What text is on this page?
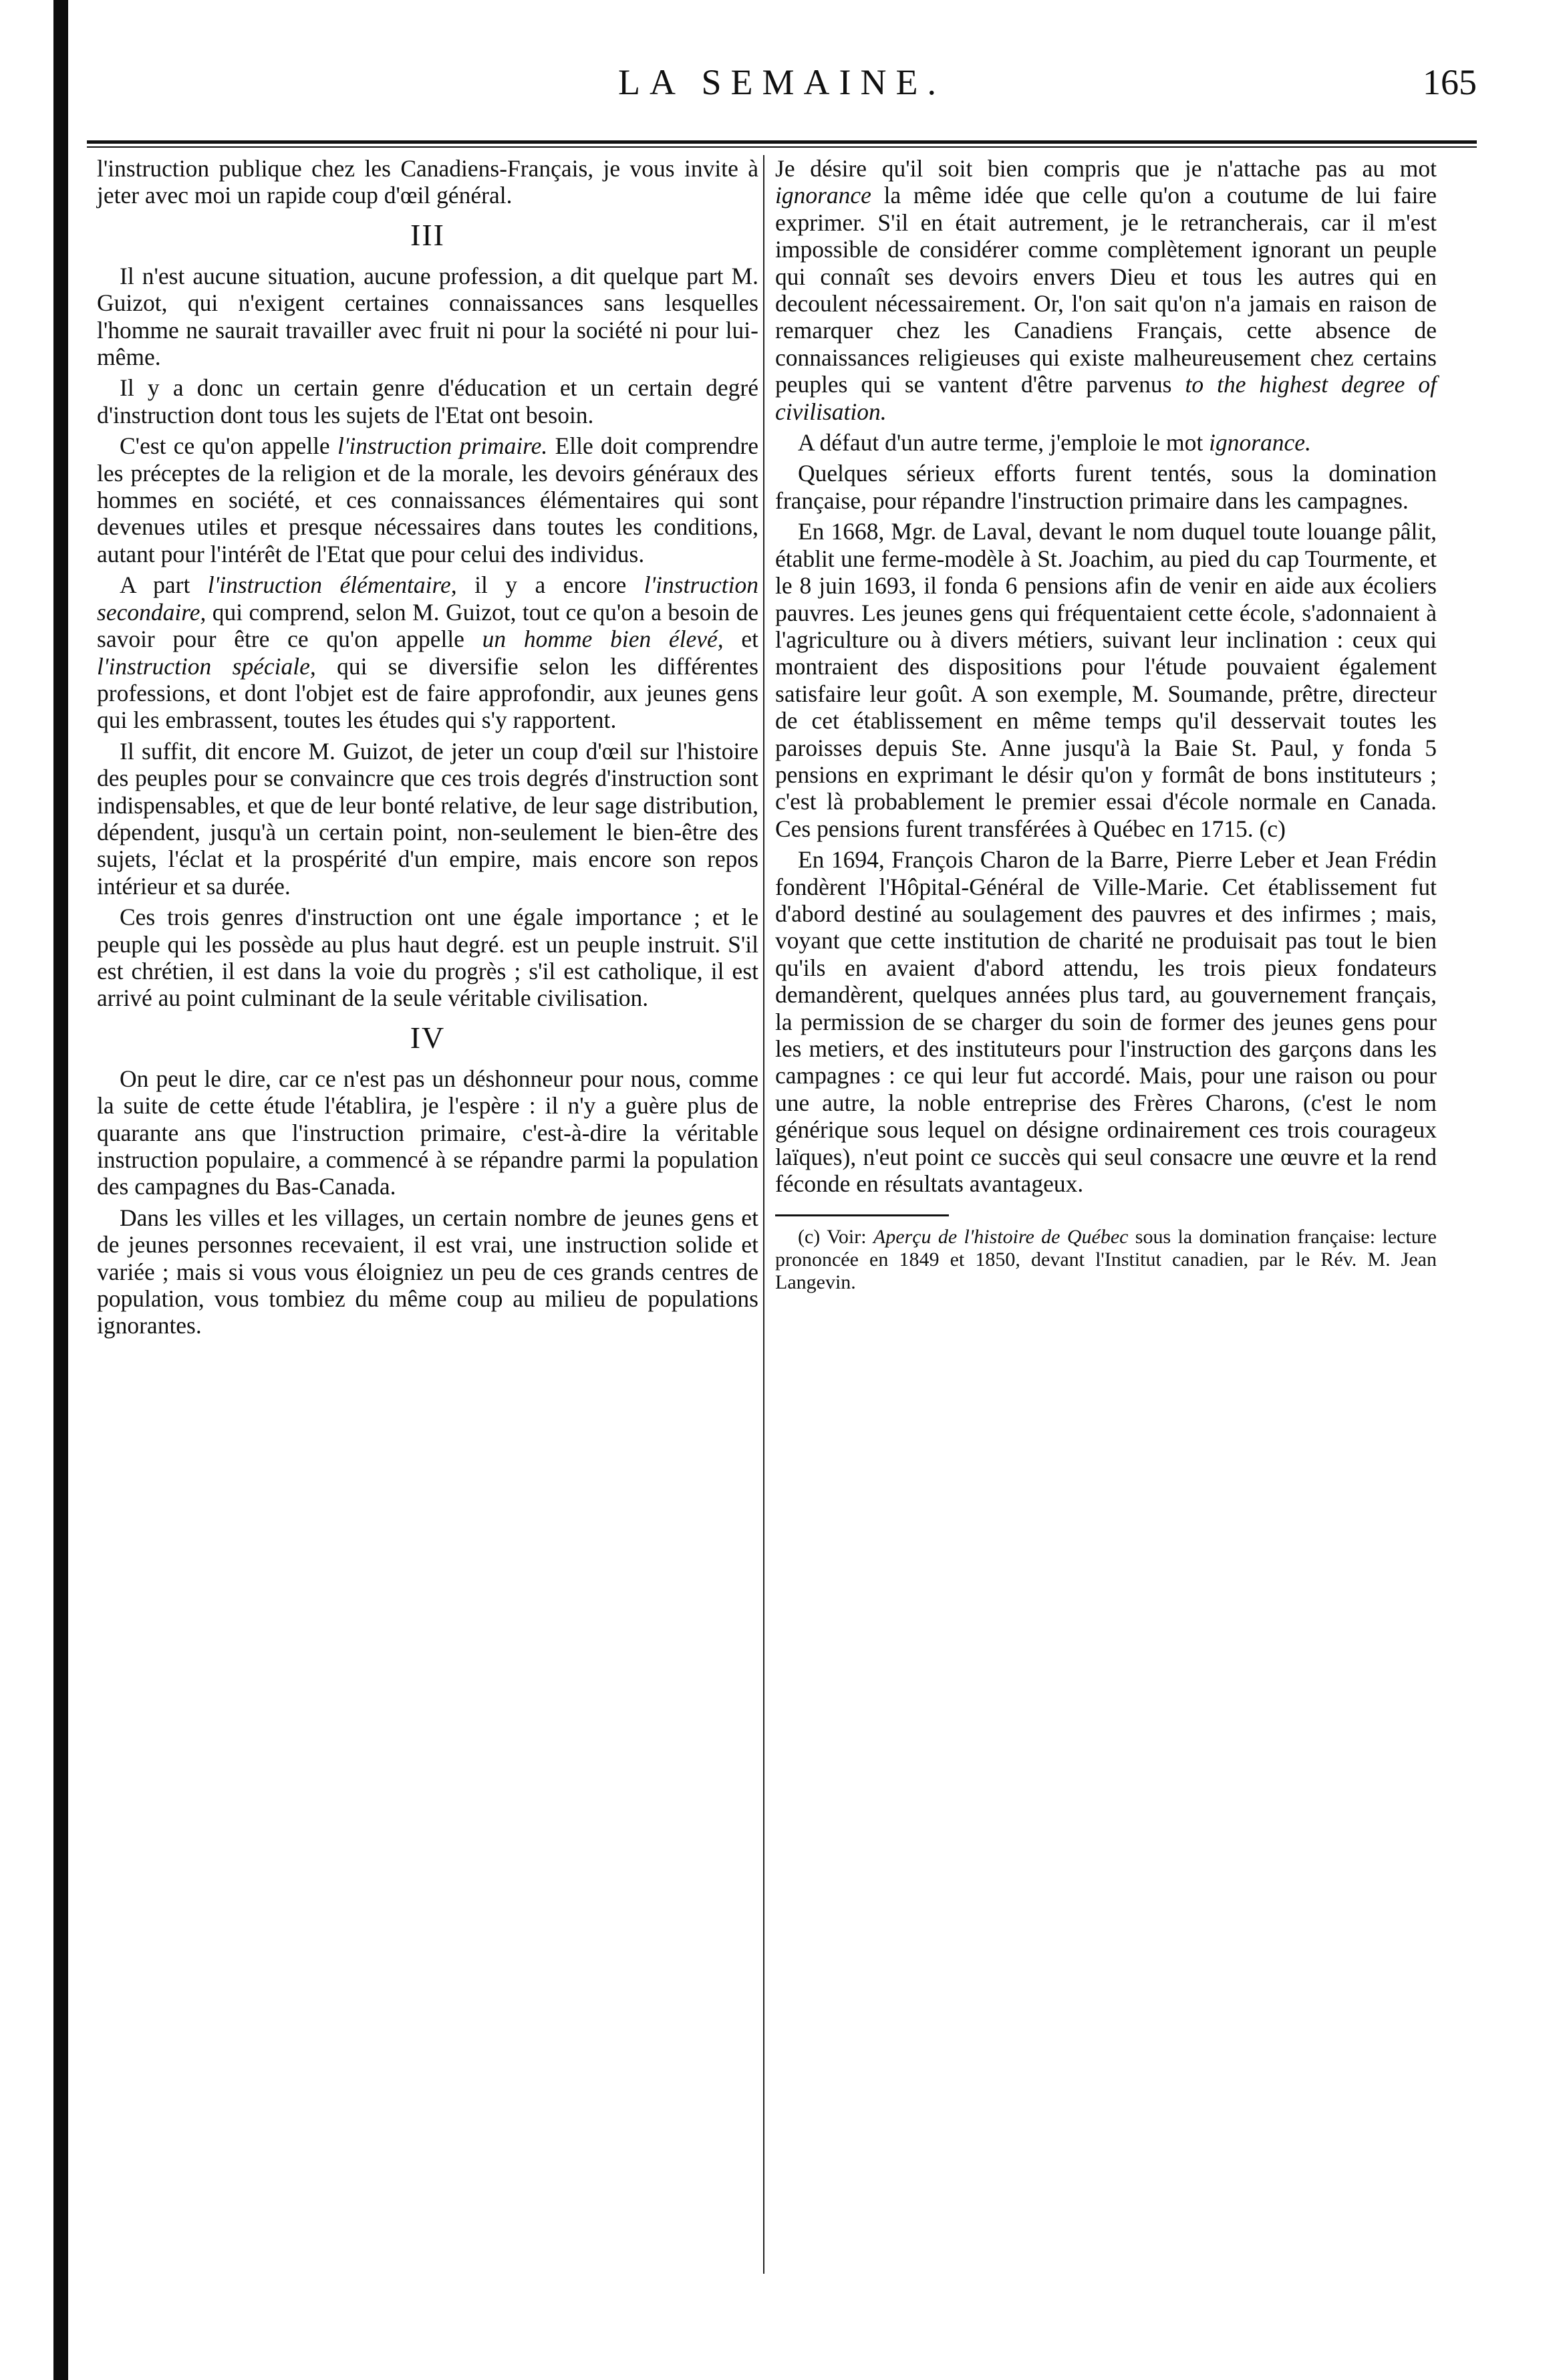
LA SEMAINE.	165

l'instruction publique chez les Canadiens-Français, je vous invite à jeter avec moi un rapide coup d'œil général.

III

Il n'est aucune situation, aucune profession, a dit quelque part M. Guizot, qui n'exigent certaines connaissances sans lesquelles l'homme ne saurait travailler avec fruit ni pour la société ni pour lui-même.

Il y a donc un certain genre d'éducation et un certain degré d'instruction dont tous les sujets de l'Etat ont besoin.

C'est ce qu'on appelle l'instruction primaire. Elle doit comprendre les préceptes de la religion et de la morale, les devoirs généraux des hommes en société, et ces connaissances élémentaires qui sont devenues utiles et presque nécessaires dans toutes les conditions, autant pour l'intérêt de l'Etat que pour celui des individus.

A part l'instruction élémentaire, il y a encore l'instruction secondaire, qui comprend, selon M. Guizot, tout ce qu'on a besoin de savoir pour être ce qu'on appelle un homme bien élevé, et l'instruction spéciale, qui se diversifie selon les différentes professions, et dont l'objet est de faire approfondir, aux jeunes gens qui les embrassent, toutes les études qui s'y rapportent.

Il suffit, dit encore M. Guizot, de jeter un coup d'œil sur l'histoire des peuples pour se convaincre que ces trois degrés d'instruction sont indispensables, et que de leur bonté relative, de leur sage distribution, dépendent, jusqu'à un certain point, non-seulement le bien-être des sujets, l'éclat et la prospérité d'un empire, mais encore son repos intérieur et sa durée.

Ces trois genres d'instruction ont une égale importance ; et le peuple qui les possède au plus haut degré. est un peuple instruit. S'il est chrétien, il est dans la voie du progrès ; s'il est catholique, il est arrivé au point culminant de la seule véritable civilisation.

IV

On peut le dire, car ce n'est pas un déshonneur pour nous, comme la suite de cette étude l'établira, je l'espère : il n'y a guère plus de quarante ans que l'instruction primaire, c'est-à-dire la véritable instruction populaire, a commencé à se répandre parmi la population des campagnes du Bas-Canada.

Dans les villes et les villages, un certain nombre de jeunes gens et de jeunes personnes recevaient, il est vrai, une instruction solide et variée ; mais si vous vous éloigniez un peu de ces grands centres de population, vous tombiez du même coup au milieu de populations ignorantes.

Je désire qu'il soit bien compris que je n'attache pas au mot ignorance la même idée que celle qu'on a coutume de lui faire exprimer. S'il en était autrement, je le retrancherais, car il m'est impossible de considérer comme complètement ignorant un peuple qui connaît ses devoirs envers Dieu et tous les autres qui en decoulent nécessairement. Or, l'on sait qu'on n'a jamais en raison de remarquer chez les Canadiens Français, cette absence de connaissances religieuses qui existe malheureusement chez certains peuples qui se vantent d'être parvenus to the highest degree of civilisation.

A défaut d'un autre terme, j'emploie le mot ignorance.

Quelques sérieux efforts furent tentés, sous la domination française, pour répandre l'instruction primaire dans les campagnes.

En 1668, Mgr. de Laval, devant le nom duquel toute louange pâlit, établit une ferme-modèle à St. Joachim, au pied du cap Tourmente, et le 8 juin 1693, il fonda 6 pensions afin de venir en aide aux écoliers pauvres. Les jeunes gens qui fréquentaient cette école, s'adonnaient à l'agriculture ou à divers métiers, suivant leur inclination : ceux qui montraient des dispositions pour l'étude pouvaient également satisfaire leur goût. A son exemple, M. Soumande, prêtre, directeur de cet établissement en même temps qu'il desservait toutes les paroisses depuis Ste. Anne jusqu'à la Baie St. Paul, y fonda 5 pensions en exprimant le désir qu'on y formât de bons instituteurs ; c'est là probablement le premier essai d'école normale en Canada. Ces pensions furent transférées à Québec en 1715. (c)

En 1694, François Charon de la Barre, Pierre Leber et Jean Frédin fondèrent l'Hôpital-Général de Ville-Marie. Cet établissement fut d'abord destiné au soulagement des pauvres et des infirmes ; mais, voyant que cette institution de charité ne produisait pas tout le bien qu'ils en avaient d'abord attendu, les trois pieux fondateurs demandèrent, quelques années plus tard, au gouvernement français, la permission de se charger du soin de former des jeunes gens pour les metiers, et des instituteurs pour l'instruction des garçons dans les campagnes : ce qui leur fut accordé. Mais, pour une raison ou pour une autre, la noble entreprise des Frères Charons, (c'est le nom générique sous lequel on désigne ordinairement ces trois courageux laïques), n'eut point ce succès qui seul consacre une œuvre et la rend féconde en résultats avantageux.

(c) Voir: Aperçu de l'histoire de Québec sous la domination française: lecture prononcée en 1849 et 1850, devant l'Institut canadien, par le Rév. M. Jean Langevin.
